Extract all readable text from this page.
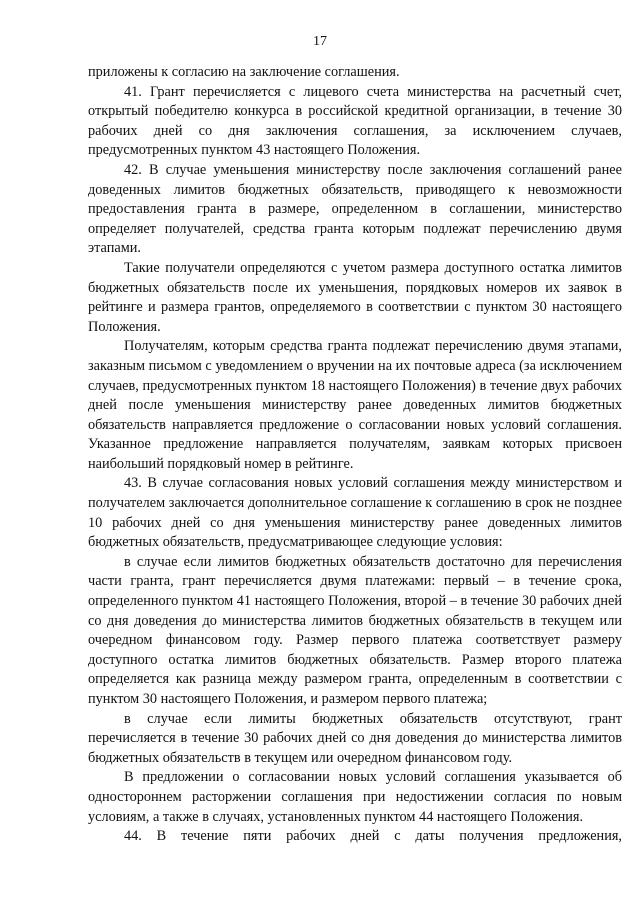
17

приложены к согласию на заключение соглашения.

41. Грант перечисляется с лицевого счета министерства на расчетный счет, открытый победителю конкурса в российской кредитной организации, в течение 30 рабочих дней со дня заключения соглашения, за исключением случаев, предусмотренных пунктом 43 настоящего Положения.

42. В случае уменьшения министерству после заключения соглашений ранее доведенных лимитов бюджетных обязательств, приводящего к невозможности предоставления гранта в размере, определенном в соглашении, министерство определяет получателей, средства гранта которым подлежат перечислению двумя этапами.

Такие получатели определяются с учетом размера доступного остатка лимитов бюджетных обязательств после их уменьшения, порядковых номеров их заявок в рейтинге и размера грантов, определяемого в соответствии с пунктом 30 настоящего Положения.

Получателям, которым средства гранта подлежат перечислению двумя этапами, заказным письмом с уведомлением о вручении на их почтовые адреса (за исключением случаев, предусмотренных пунктом 18 настоящего Положения) в течение двух рабочих дней после уменьшения министерству ранее доведенных лимитов бюджетных обязательств направляется предложение о согласовании новых условий соглашения. Указанное предложение направляется получателям, заявкам которых присвоен наибольший порядковый номер в рейтинге.

43. В случае согласования новых условий соглашения между министерством и получателем заключается дополнительное соглашение к соглашению в срок не позднее 10 рабочих дней со дня уменьшения министерству ранее доведенных лимитов бюджетных обязательств, предусматривающее следующие условия:

в случае если лимитов бюджетных обязательств достаточно для перечисления части гранта, грант перечисляется двумя платежами: первый – в течение срока, определенного пунктом 41 настоящего Положения, второй – в течение 30 рабочих дней со дня доведения до министерства лимитов бюджетных обязательств в текущем или очередном финансовом году. Размер первого платежа соответствует размеру доступного остатка лимитов бюджетных обязательств. Размер второго платежа определяется как разница между размером гранта, определенным в соответствии с пунктом 30 настоящего Положения, и размером первого платежа;

в случае если лимиты бюджетных обязательств отсутствуют, грант перечисляется в течение 30 рабочих дней со дня доведения до министерства лимитов бюджетных обязательств в текущем или очередном финансовом году.

В предложении о согласовании новых условий соглашения указывается об одностороннем расторжении соглашения при недостижении согласия по новым условиям, а также в случаях, установленных пунктом 44 настоящего Положения.

44. В течение пяти рабочих дней с даты получения предложения,
